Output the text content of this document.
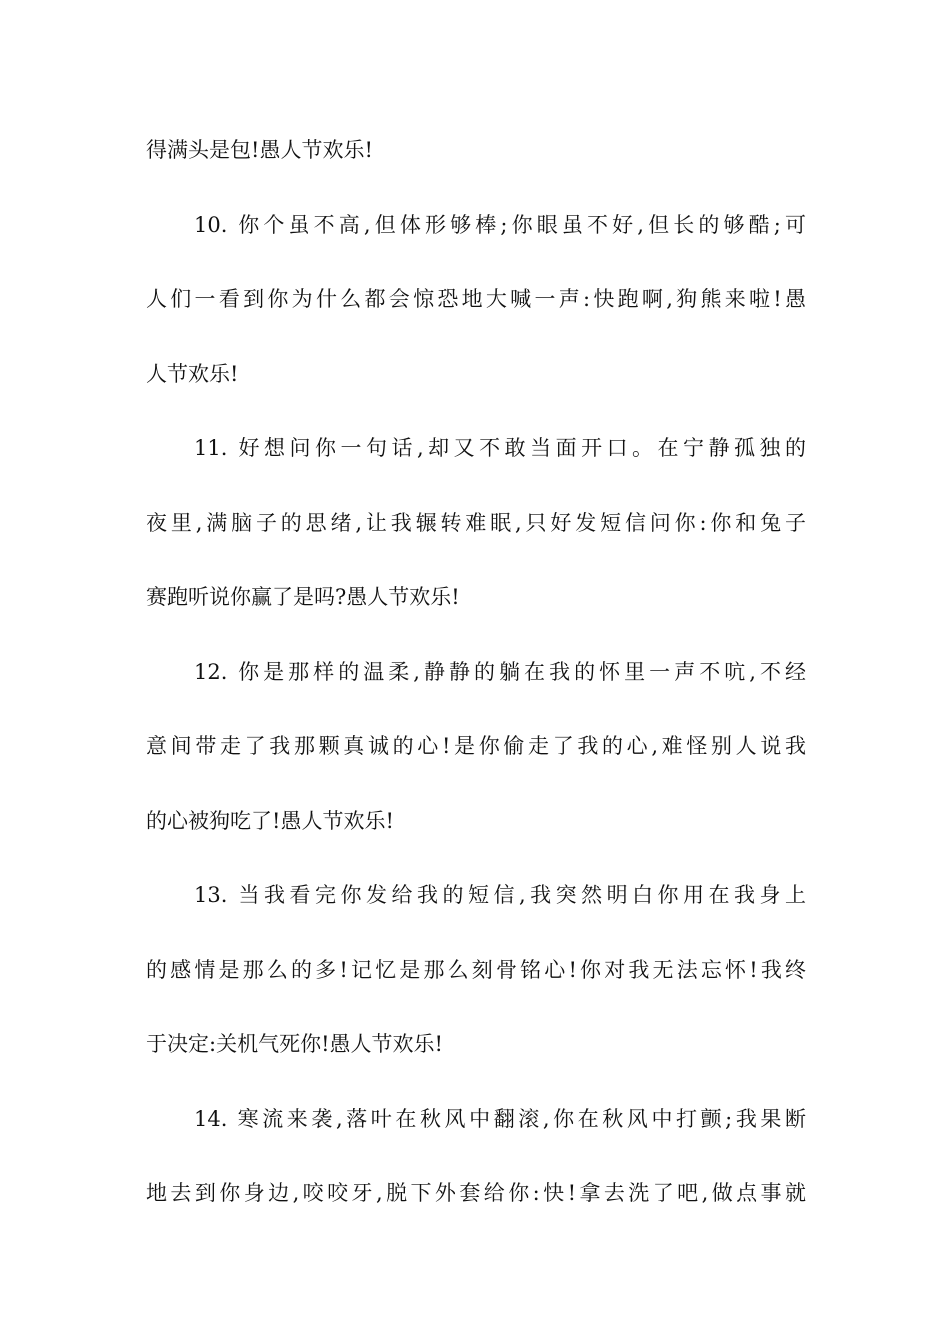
得满头是包!愚人节欢乐!
10. 你个虽不高,但体形够棒;你眼虽不好,但长的够酷;可
人们一看到你为什么都会惊恐地大喊一声:快跑啊,狗熊来啦!愚
人节欢乐!
11. 好想问你一句话,却又不敢当面开口。在宁静孤独的
夜里,满脑子的思绪,让我辗转难眠,只好发短信问你:你和兔子
赛跑听说你赢了是吗?愚人节欢乐!
12. 你是那样的温柔,静静的躺在我的怀里一声不吭,不经
意间带走了我那颗真诚的心!是你偷走了我的心,难怪别人说我
的心被狗吃了!愚人节欢乐!
13. 当我看完你发给我的短信,我突然明白你用在我身上
的感情是那么的多!记忆是那么刻骨铭心!你对我无法忘怀!我终
于决定:关机气死你!愚人节欢乐!
14. 寒流来袭,落叶在秋风中翻滚,你在秋风中打颤;我果断
地去到你身边,咬咬牙,脱下外套给你:快!拿去洗了吧,做点事就
